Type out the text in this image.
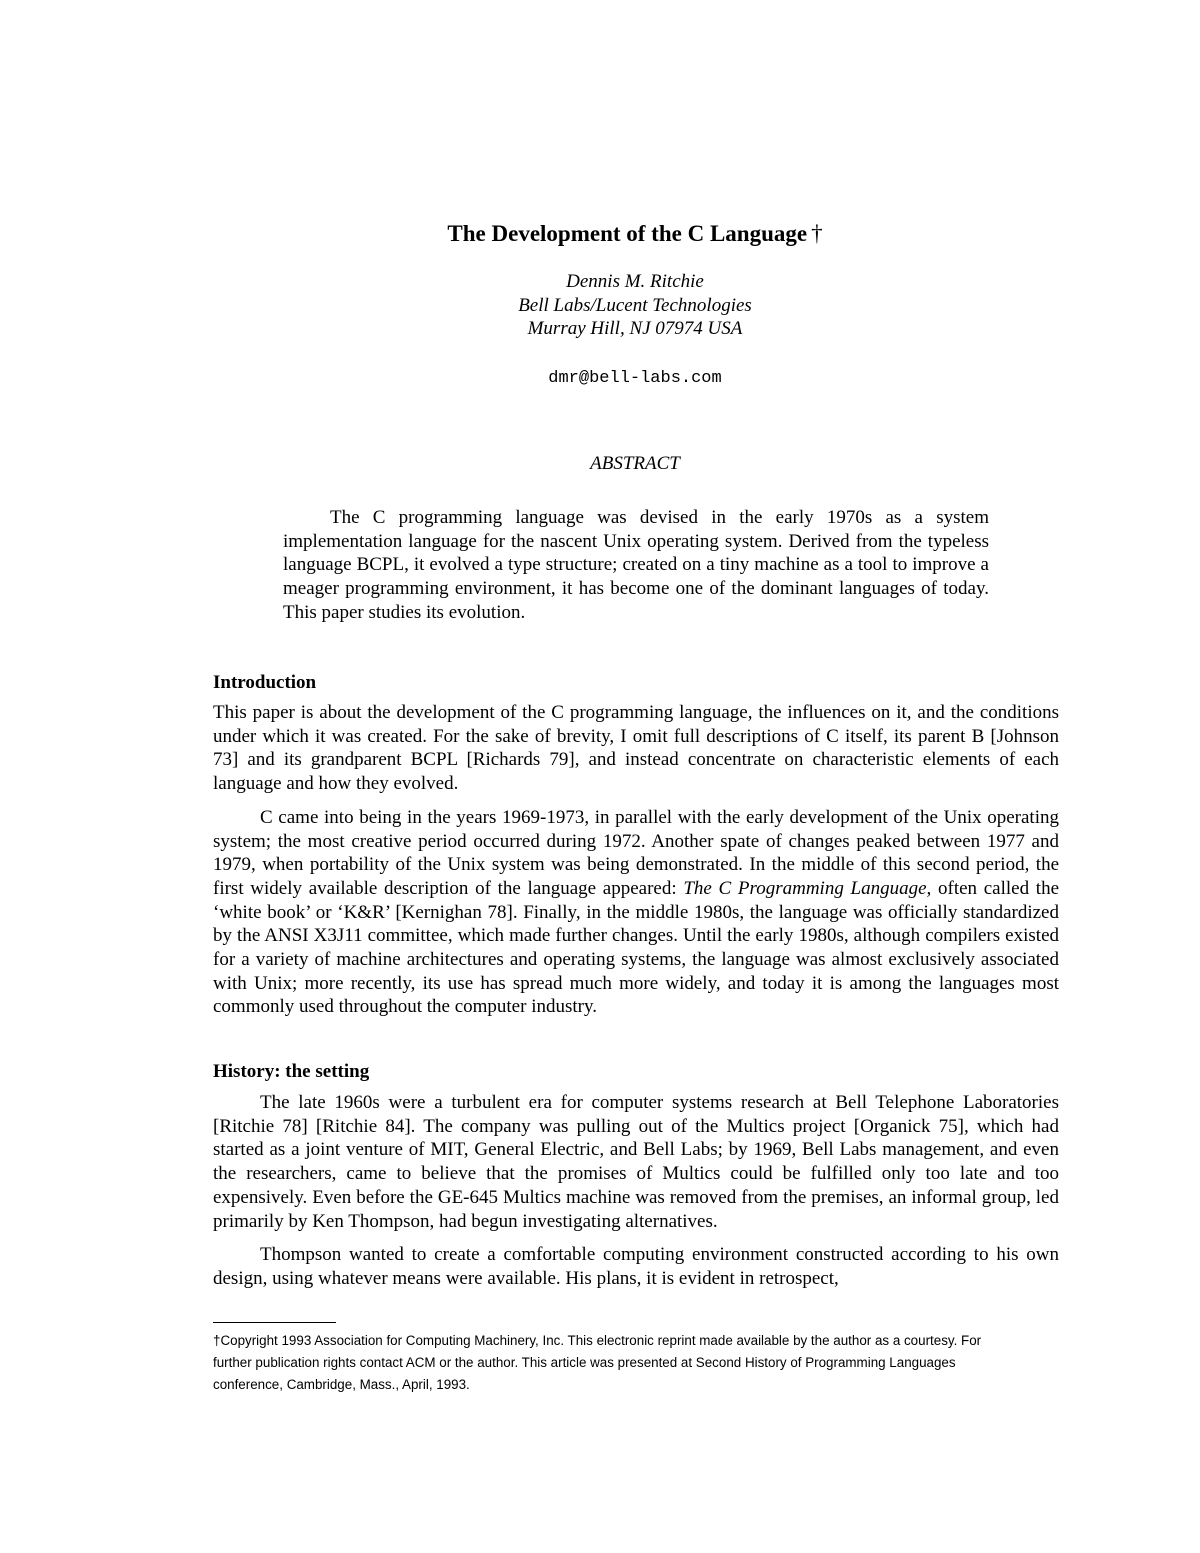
The Development of the C Language †
Dennis M. Ritchie
Bell Labs/Lucent Technologies
Murray Hill, NJ 07974 USA
dmr@bell-labs.com
ABSTRACT
The C programming language was devised in the early 1970s as a system implementation language for the nascent Unix operating system. Derived from the typeless language BCPL, it evolved a type structure; created on a tiny machine as a tool to improve a meager programming environment, it has become one of the dominant languages of today. This paper studies its evolution.
Introduction

This paper is about the development of the C programming language, the influences on it, and the conditions under which it was created. For the sake of brevity, I omit full descriptions of C itself, its parent B [Johnson 73] and its grandparent BCPL [Richards 79], and instead concentrate on characteristic elements of each language and how they evolved.

C came into being in the years 1969-1973, in parallel with the early development of the Unix operating system; the most creative period occurred during 1972. Another spate of changes peaked between 1977 and 1979, when portability of the Unix system was being demonstrated. In the middle of this second period, the first widely available description of the language appeared: The C Programming Language, often called the ‘white book’ or ‘K&R’ [Kernighan 78]. Finally, in the middle 1980s, the language was officially standardized by the ANSI X3J11 committee, which made further changes. Until the early 1980s, although compilers existed for a variety of machine architectures and operating systems, the language was almost exclusively associated with Unix; more recently, its use has spread much more widely, and today it is among the languages most commonly used throughout the computer industry.

History: the setting

The late 1960s were a turbulent era for computer systems research at Bell Telephone Laboratories [Ritchie 78] [Ritchie 84]. The company was pulling out of the Multics project [Organick 75], which had started as a joint venture of MIT, General Electric, and Bell Labs; by 1969, Bell Labs management, and even the researchers, came to believe that the promises of Multics could be fulfilled only too late and too expensively. Even before the GE-645 Multics machine was removed from the premises, an informal group, led primarily by Ken Thompson, had begun investigating alternatives.

Thompson wanted to create a comfortable computing environment constructed according to his own design, using whatever means were available. His plans, it is evident in retrospect,

†Copyright 1993 Association for Computing Machinery, Inc. This electronic reprint made available by the author as a courtesy. For further publication rights contact ACM or the author. This article was presented at Second History of Programming Languages conference, Cambridge, Mass., April, 1993.
